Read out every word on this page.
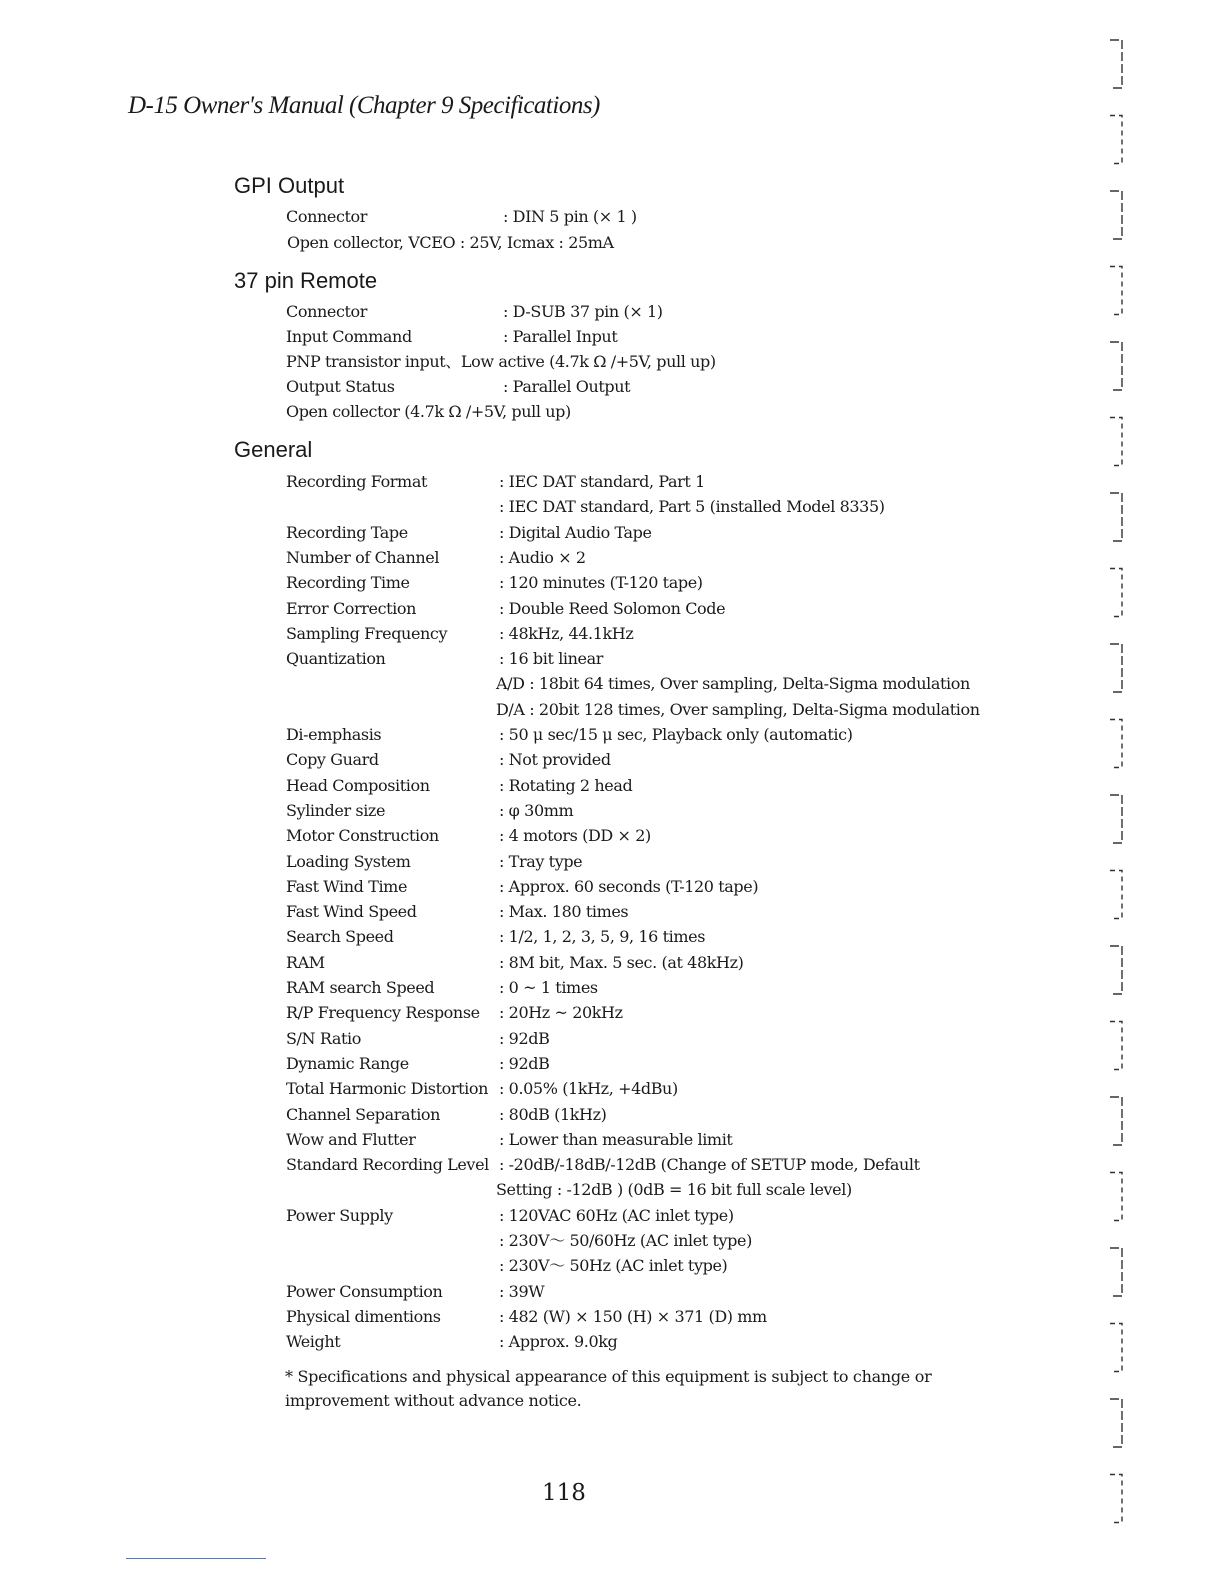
D-15 Owner's Manual (Chapter 9 Specifications)
GPI Output
Connector	: DIN 5 pin (× 1 )
Open collector, VCEO : 25V, Icmax : 25mA
37 pin Remote
Connector	: D-SUB 37 pin (× 1)
Input Command	: Parallel Input
PNP transistor input、Low active (4.7k Ω /+5V, pull up)
Output Status	: Parallel Output
Open collector (4.7k Ω /+5V, pull up)
General
Recording Format	: IEC DAT standard, Part 1
: IEC DAT standard, Part 5 (installed Model 8335)
Recording Tape	: Digital Audio Tape
Number of Channel	: Audio × 2
Recording Time	: 120 minutes (T-120 tape)
Error Correction	: Double Reed Solomon Code
Sampling Frequency	: 48kHz, 44.1kHz
Quantization	: 16 bit linear
A/D : 18bit 64 times, Over sampling, Delta-Sigma modulation
D/A : 20bit 128 times, Over sampling, Delta-Sigma modulation
Di-emphasis	: 50 μ sec/15 μ sec, Playback only (automatic)
Copy Guard	: Not provided
Head Composition	: Rotating 2 head
Sylinder size	: φ 30mm
Motor Construction	: 4 motors (DD × 2)
Loading System	: Tray type
Fast Wind Time	: Approx. 60 seconds (T-120 tape)
Fast Wind Speed	: Max. 180 times
Search Speed	: 1/2, 1, 2, 3, 5, 9, 16 times
RAM	: 8M bit, Max. 5 sec. (at 48kHz)
RAM search Speed	: 0 ~ 1 times
R/P Frequency Response : 20Hz ~ 20kHz
S/N Ratio	: 92dB
Dynamic Range	: 92dB
Total Harmonic Distortion : 0.05% (1kHz, +4dBu)
Channel Separation	: 80dB (1kHz)
Wow and Flutter	: Lower than measurable limit
Standard Recording Level : -20dB/-18dB/-12dB (Change of SETUP mode, Default
Setting : -12dB ) (0dB = 16 bit full scale level)
Power Supply	: 120VAC 60Hz (AC inlet type)
: 230V～ 50/60Hz (AC inlet type)
: 230V～ 50Hz (AC inlet type)
Power Consumption	: 39W
Physical dimentions	: 482 (W) × 150 (H) × 371 (D) mm
Weight	: Approx. 9.0kg
* Specifications and physical appearance of this equipment is subject to change or improvement without advance notice.
118
